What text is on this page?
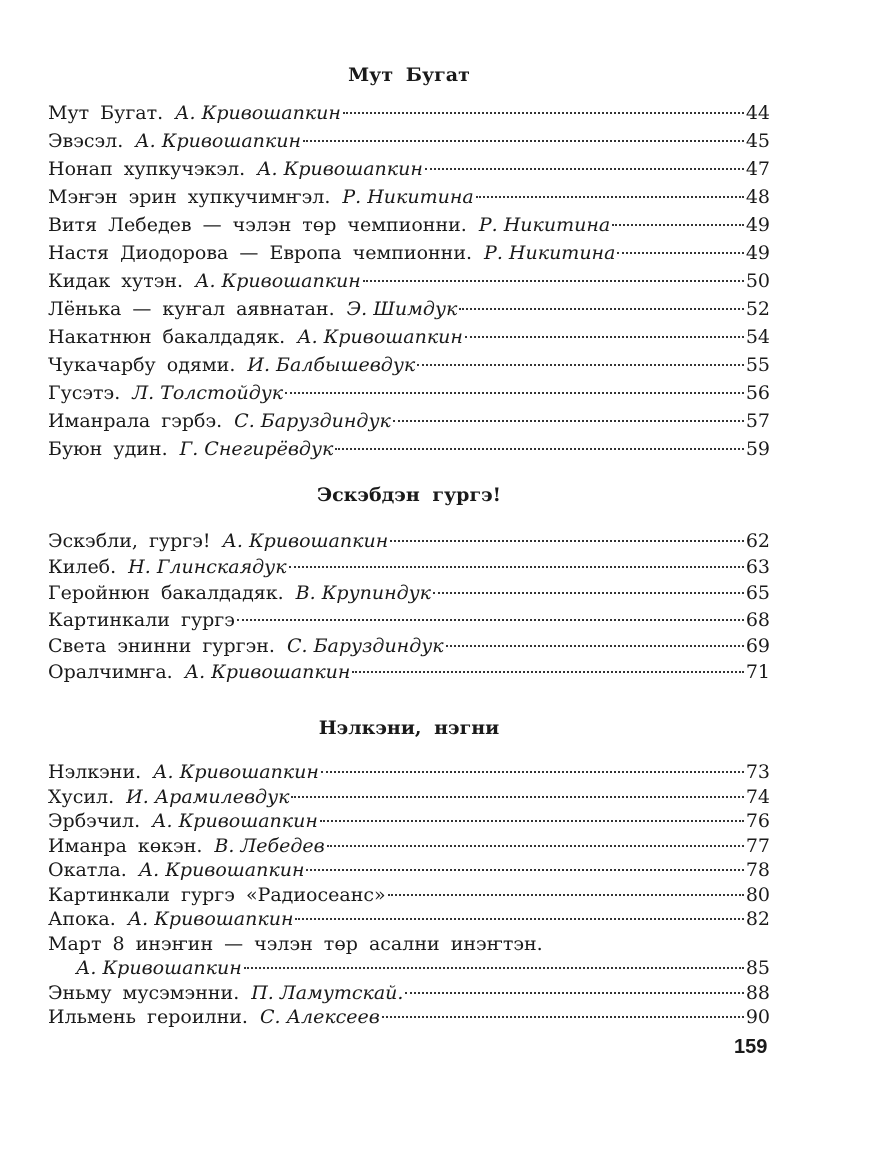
Мут Бугат
Мут Бугат. А. Кривошапкин	44
Эвэсэл. А. Кривошапкин	45
Нонап хупкучэкэл. А. Кривошапкин	47
Мэҥэн эрин хупкучимҥэл. Р. Никитина	48
Витя Лебедев — чэлэн төр чемпионни. Р. Никитина	49
Настя Диодорова — Европа чемпионни. Р. Никитина	49
Кидак хутэн. А. Кривошапкин	50
Лёнька — куҥал аявнатан. Э. Шимдук	52
Накатнюн бакалдадяк. А. Кривошапкин	54
Чукачарбу одями. И. Балбышевдук	55
Гусэтэ. Л. Толстойдук	56
Иманрала гэрбэ. С. Баруздиндук	57
Буюн удин. Г. Снегирёвдук	59
Эскэбдэн гургэ!
Эскэбли, гургэ! А. Кривошапкин	62
Килеб. Н. Глинскаядук	63
Геройнюн бакалдадяк. В. Крупиндук	65
Картинкали гургэ	68
Света энинни гургэн. С. Баруздиндук	69
Оралчимҥа. А. Кривошапкин	71
Нэлкэни, нэгни
Нэлкэни. А. Кривошапкин	73
Хусил. И. Арамилевдук	74
Эрбэчил. А. Кривошапкин	76
Иманра көкэн. В. Лебедев	77
Окатла. А. Кривошапкин	78
Картинкали гургэ «Радиосеанс»	80
Апока. А. Кривошапкин	82
Март 8 инэҥин — чэлэн төр асални инэҥтэн.
А. Кривошапкин	85
Эньму мусэмэнни. П. Ламутскай.	88
Ильмень героилни. С. Алексеев	90
159
